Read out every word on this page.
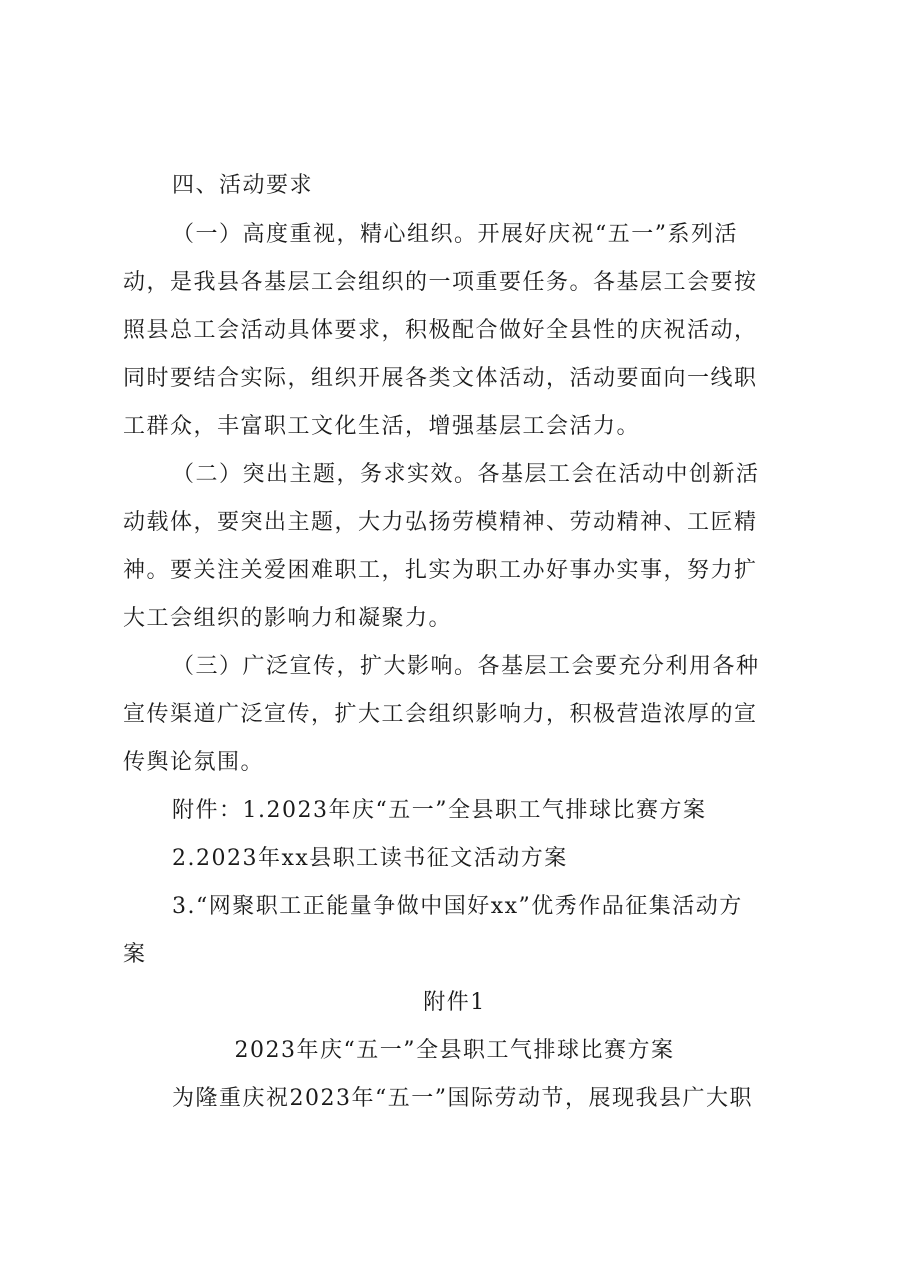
四、活动要求
（一）高度重视，精心组织。开展好庆祝“五一”系列活
动，是我县各基层工会组织的一项重要任务。各基层工会要按
照县总工会活动具体要求，积极配合做好全县性的庆祝活动，
同时要结合实际，组织开展各类文体活动，活动要面向一线职
工群众，丰富职工文化生活，增强基层工会活力。
（二）突出主题，务求实效。各基层工会在活动中创新活
动载体，要突出主题，大力弘扬劳模精神、劳动精神、工匠精
神。要关注关爱困难职工，扎实为职工办好事办实事，努力扩
大工会组织的影响力和凝聚力。
（三）广泛宣传，扩大影响。各基层工会要充分利用各种
宣传渠道广泛宣传，扩大工会组织影响力，积极营造浓厚的宣
传舆论氛围。
附件：1.2023年庆“五一”全县职工气排球比赛方案
2.2023年xx县职工读书征文活动方案
3.“网聚职工正能量争做中国好xx”优秀作品征集活动方
案
附件1
2023年庆“五一”全县职工气排球比赛方案
为隆重庆祝2023年“五一”国际劳动节，展现我县广大职
